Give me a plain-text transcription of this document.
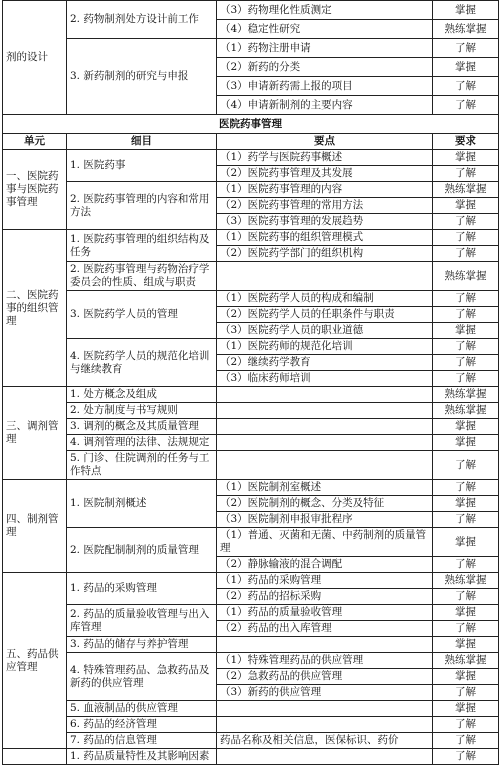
剂的设计	2. 药物制剂处方设计前工作	（3）药物理化性质测定	掌握
		（4）稳定性研究	熟练掌握
	3. 新药制剂的研究与申报	（1）药物注册申请	了解
		（2）新药的分类	掌握
		（3）申请新药需上报的项目	了解
		（4）申请新制剂的主要内容	了解
医院药事管理			
单元	细目	要点	要求
一、医院药事与医院药事管理	1. 医院药事	（1）药学与医院药事概述	掌握
		（2）医院药事管理及其发展	了解
	2. 医院药事管理的内容和常用方法	（1）医院药事管理的内容	熟练掌握
		（2）医院药事管理的常用方法	掌握
		（3）医院药事管理的发展趋势	了解
二、医院药事的组织管理	1. 医院药事管理的组织结构及任务	（1）医院药事的组织管理模式	了解
		（2）医院药学部门的组织机构	了解
	2. 医院药事管理与药物治疗学委员会的性质、组成与职责		熟练掌握
	3. 医院药学人员的管理	（1）医院药学人员的构成和编制	了解
		（2）医院药学人员的任职条件与职责	了解
		（3）医院药学人员的职业道德	掌握
	4. 医院药学人员的规范化培训与继续教育	（1）医院药师的规范化培训	了解
		（2）继续药学教育	了解
		（3）临床药师培训	了解
三、调剂管理	1. 处方概念及组成		熟练掌握
	2. 处方制度与书写规则		熟练掌握
	3. 调剂的概念及其质量管理		掌握
	4. 调剂管理的法律、法规规定		掌握
	5. 门诊、住院调剂的任务与工作特点		了解
四、制剂管理	1. 医院制剂概述	（1）医院制剂室概述	了解
		（2）医院制剂的概念、分类及特征	掌握
		（3）医院制剂申报审批程序	了解
	2. 医院配制制剂的质量管理	（1）普通、灭菌和无菌、中药制剂的质量管理	掌握
		（2）静脉输液的混合调配	了解
五、药品供应管理	1. 药品的采购管理	（1）药品的采购管理	熟练掌握
		（2）药品的招标采购	了解
	2. 药品的质量验收管理与出入库管理	（1）药品的质量验收管理	掌握
		（2）药品的出入库管理	了解
	3. 药品的储存与养护管理		掌握
	4. 特殊管理药品、急救药品及新药的供应管理	（1）特殊管理药品的供应管理	熟练掌握
		（2）急救药品的供应管理	掌握
		（3）新药的供应管理	了解
	5. 血液制品的供应管理		掌握
	6. 药品的经济管理		了解
	7. 药品的信息管理	药品名称及相关信息，医保标识、药价	了解
	1. 药品质量特性及其影响因素		了解
